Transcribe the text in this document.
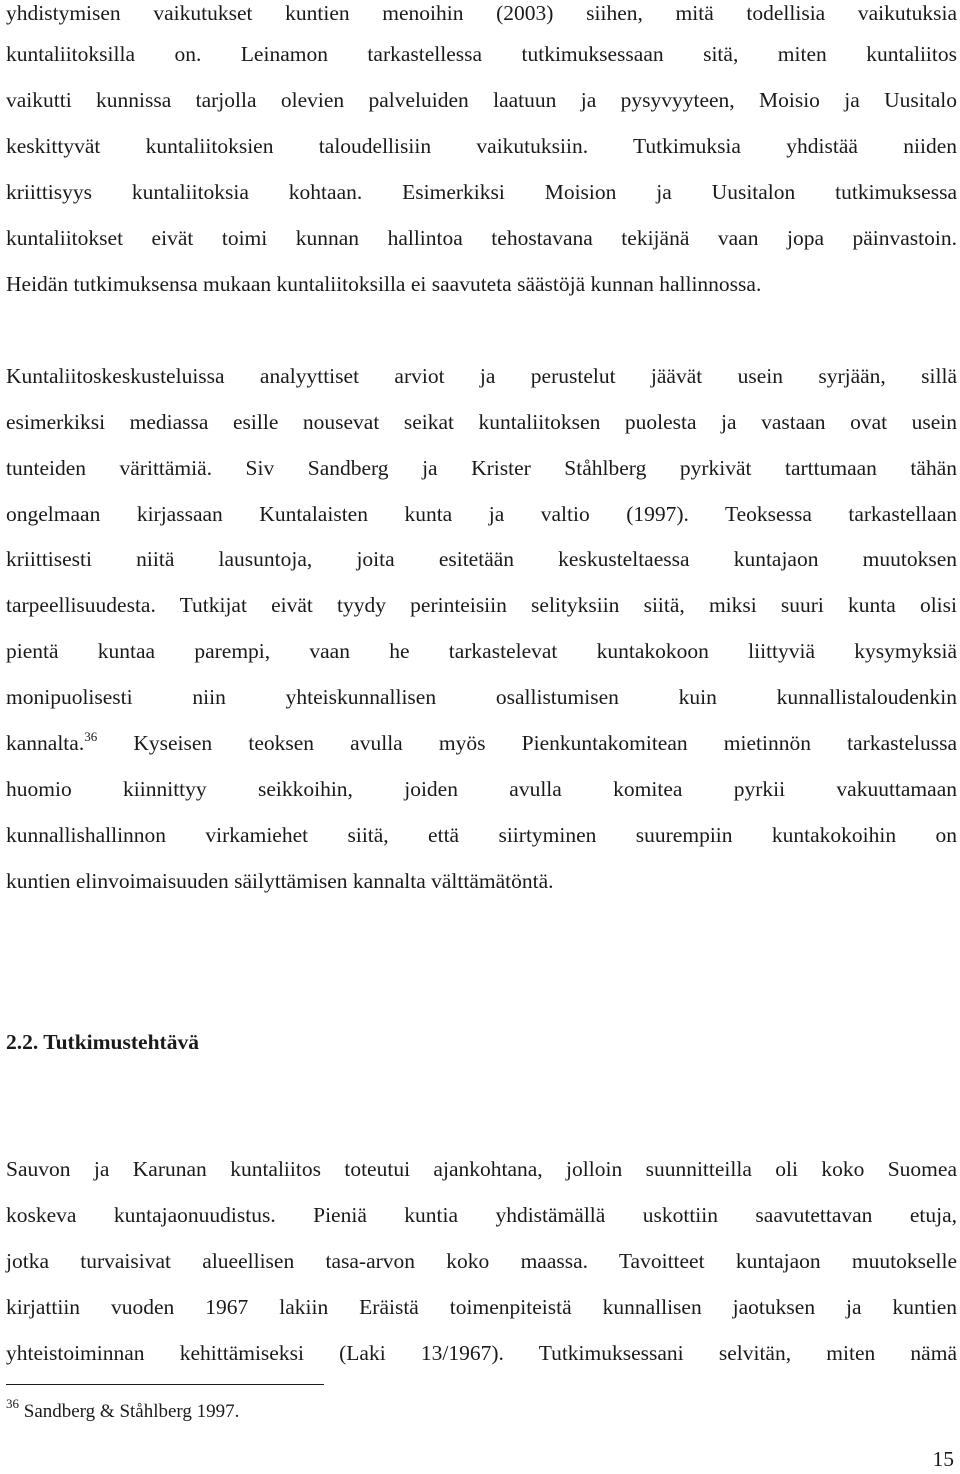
yhdistymisen vaikutukset kuntien menoihin (2003) siihen, mitä todellisia vaikutuksia
kuntaliitoksilla on. Leinamon tarkastellessa tutkimuksessaan sitä, miten kuntaliitos
vaikutti kunnissa tarjolla olevien palveluiden laatuun ja pysyvyyteen, Moisio ja Uusitalo
keskittyvät kuntaliitoksien taloudellisiin vaikutuksiin. Tutkimuksia yhdistää niiden
kriittisyys kuntaliitoksia kohtaan. Esimerkiksi Moision ja Uusitalon tutkimuksessa
kuntaliitokset eivät toimi kunnan hallintoa tehostavana tekijänä vaan jopa päinvastoin.
Heidän tutkimuksensa mukaan kuntaliitoksilla ei saavuteta säästöjä kunnan hallinnossa.
Kuntaliitoskeskusteluissa analyyttiset arviot ja perustelut jäävät usein syrjään, sillä
esimerkiksi mediassa esille nousevat seikat kuntaliitoksen puolesta ja vastaan ovat usein
tunteiden värittämiä. Siv Sandberg ja Krister Ståhlberg pyrkivät tarttumaan tähän
ongelmaan kirjassaan Kuntalaisten kunta ja valtio (1997). Teoksessa tarkastellaan
kriittisesti niitä lausuntoja, joita esitetään keskusteltaessa kuntajaon muutoksen
tarpeellisuudesta. Tutkijat eivät tyydy perinteisiin selityksiin siitä, miksi suuri kunta olisi
pientä kuntaa parempi, vaan he tarkastelevat kuntakokoon liittyviä kysymyksiä
monipuolisesti niin yhteiskunnallisen osallistumisen kuin kunnallistaloudenkin
kannalta.$^{36}$ Kyseisen teoksen avulla myös Pienkuntakomitean mietinnön tarkastelussa
huomio kiinnittyy seikkoihin, joiden avulla komitea pyrkii vakuuttamaan
kunnallishallinnon virkamiehet siitä, että siirtyminen suurempiin kuntakokoihin on
kuntien elinvoimaisuuden säilyttämisen kannalta välttämätöntä.
2.2. Tutkimustehtävä
Sauvon ja Karunan kuntaliitos toteutui ajankohtana, jolloin suunnitteilla oli koko Suomea
koskeva kuntajaonuudistus. Pieniä kuntia yhdistämällä uskottiin saavutettavan etuja,
jotka turvaisivat alueellisen tasa-arvon koko maassa. Tavoitteet kuntajaon muutokselle
kirjattiin vuoden 1967 lakiin Eräistä toimenpiteistä kunnallisen jaotuksen ja kuntien
yhteistoiminnan kehittämiseksi (Laki 13/1967). Tutkimuksessani selvitän, miten nämä
$^{36}$ Sandberg & Ståhlberg 1997.
15
